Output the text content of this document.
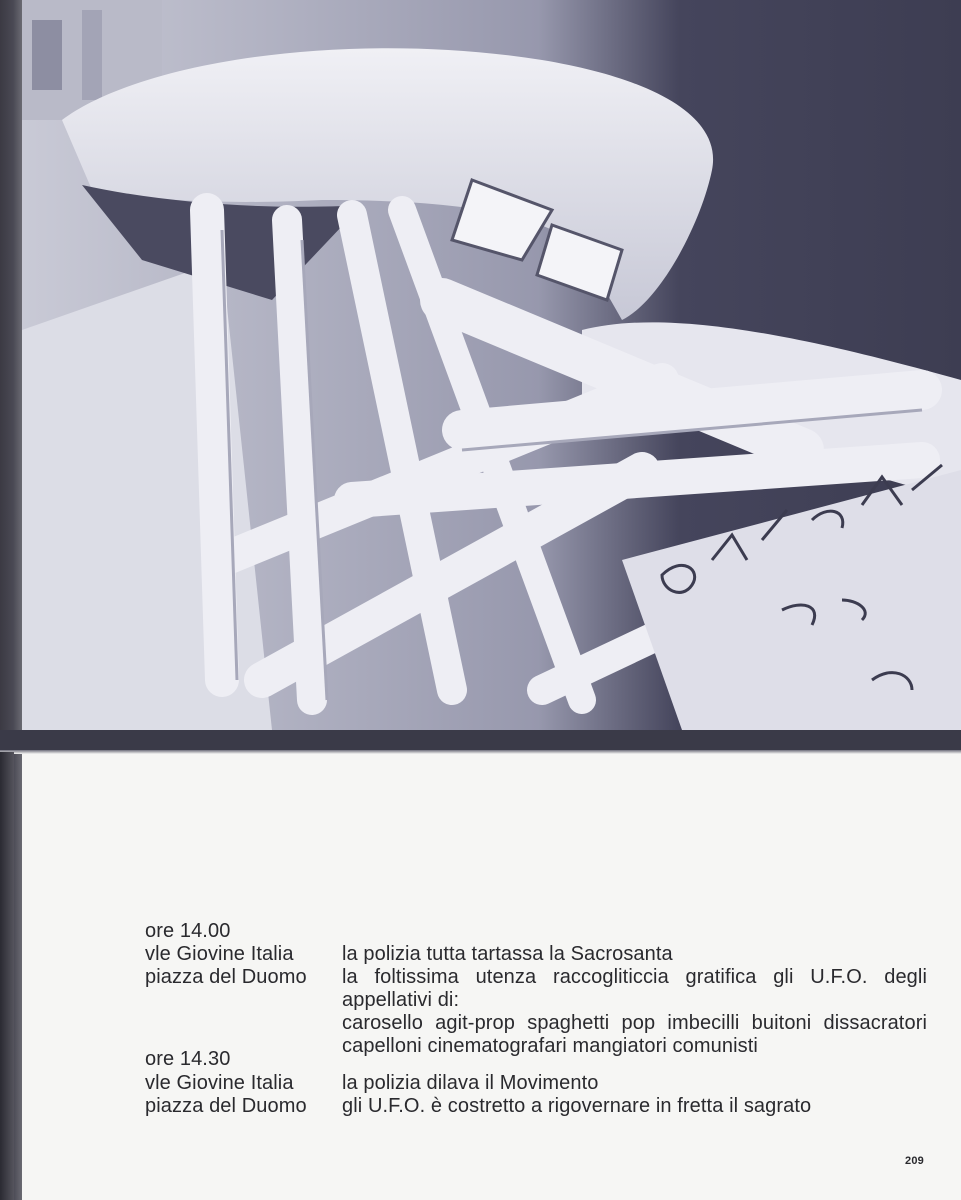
ore 14.00
vle Giovine Italia la polizia tutta tartassa la Sacrosanta
piazza del Duomo la foltissima utenza raccogliticcia gratifica gli U.F.O. degli appellativi di:
carosello agit-prop spaghetti pop imbecilli buitoni dissacratori capelloni cinematografari mangiatori comunisti
ore 14.30
vle Giovine Italia la polizia dilava il Movimento
piazza del Duomo gli U.F.O. è costretto a rigovernare in fretta il sagrato
209
